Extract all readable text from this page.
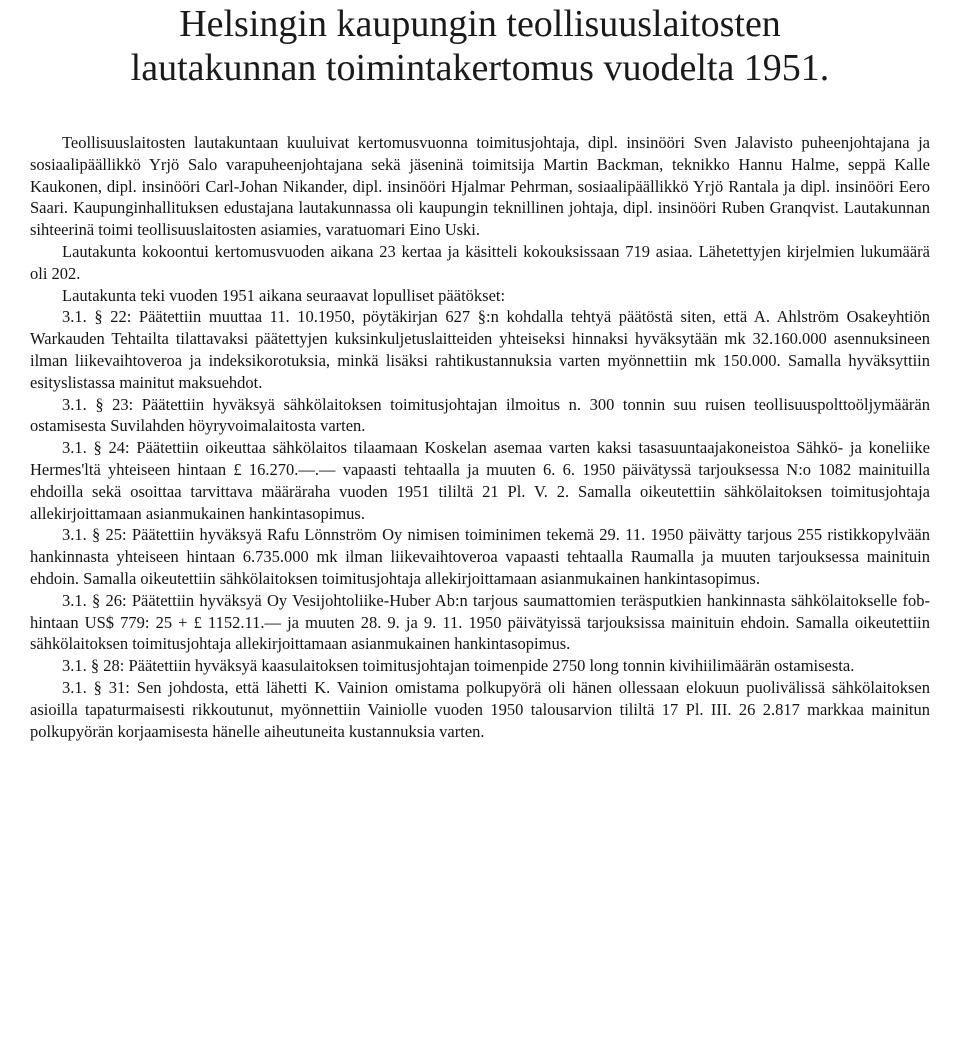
Helsingin kaupungin teollisuuslaitosten
lautakunnan toimintakertomus vuodelta 1951.

Teollisuuslaitosten lautakuntaan kuuluivat kertomusvuonna toimitusjohtaja, dipl. insinööri Sven Jalavisto puheenjohtajana ja sosiaalipäällikkö Yrjö Salo varapuheenjohtajana sekä jäseninä toimitsija Martin Backman, teknikko Hannu Halme, seppä Kalle Kaukonen, dipl. insinööri Carl-Johan Nikander, dipl. insinööri Hjalmar Pehrman, sosiaalipäällikkö Yrjö Rantala ja dipl. insinööri Eero Saari. Kaupunginhallituksen edustajana lautakunnassa oli kaupungin teknillinen johtaja, dipl. insinööri Ruben Granqvist. Lautakunnan sihteerinä toimi teollisuuslaitosten asiamies, varatuomari Eino Uski.

Lautakunta kokoontui kertomusvuoden aikana 23 kertaa ja käsitteli kokouksissaan 719 asiaa. Lähetettyjen kirjelmien lukumäärä oli 202.

Lautakunta teki vuoden 1951 aikana seuraavat lopulliset päätökset:

3.1. § 22: Päätettiin muuttaa 11. 10.1950, pöytäkirjan 627 §:n kohdalla tehtyä päätöstä siten, että A. Ahlström Osakeyhtiön Warkauden Tehtailta tilattavaksi päätettyjen kuksinkuljetuslaitteiden yhteiseksi hinnaksi hyväksytään mk 32.160.000 asennuksineen ilman liikevaihtoveroa ja indeksikorotuksia, minkä lisäksi rahtikustannuksia varten myönnettiin mk 150.000. Samalla hyväksyttiin esityslistassa mainitut maksuehdot.

3.1. § 23: Päätettiin hyväksyä sähkölaitoksen toimitusjohtajan ilmoitus n. 300 tonnin suu ruisen teollisuuspolttoöljymäärän ostamisesta Suvilahden höyryvoimalaitosta varten.

3.1. § 24: Päätettiin oikeuttaa sähkölaitos tilaamaan Koskelan asemaa varten kaksi tasasuuntaajakoneistoa Sähkö- ja koneliike Hermes'ltä yhteiseen hintaan £ 16.270.—.— vapaasti tehtaalla ja muuten 6. 6. 1950 päivätyssä tarjouksessa N:o 1082 mainituilla ehdoilla sekä osoittaa tarvittava määräraha vuoden 1951 tililtä 21 Pl. V. 2. Samalla oikeutettiin sähkölaitoksen toimitusjohtaja allekirjoittamaan asianmukainen hankintasopimus.

3.1. § 25: Päätettiin hyväksyä Rafu Lönnström Oy nimisen toiminimen tekemä 29. 11. 1950 päivätty tarjous 255 ristikkopylvään hankinnasta yhteiseen hintaan 6.735.000 mk ilman liikevaihtoveroa vapaasti tehtaalla Raumalla ja muuten tarjouksessa mainituin ehdoin. Samalla oikeutettiin sähkölaitoksen toimitusjohtaja allekirjoittamaan asianmukainen hankintasopimus.

3.1. § 26: Päätettiin hyväksyä Oy Vesijohtoliike-Huber Ab:n tarjous saumattomien teräsputkien hankinnasta sähkölaitokselle fob- hintaan US$ 779: 25 + £ 1152.11.— ja muuten 28. 9. ja 9. 11. 1950 päivätyissä tarjouksissa mainituin ehdoin. Samalla oikeutettiin sähkölaitoksen toimitusjohtaja allekirjoittamaan asianmukainen hankintasopimus.

3.1. § 28: Päätettiin hyväksyä kaasulaitoksen toimitusjohtajan toimenpide 2750 long tonnin kivihiilimäärän ostamisesta.

3.1. § 31: Sen johdosta, että lähetti K. Vainion omistama polkupyörä oli hänen ollessaan elokuun puolivälissä sähkölaitoksen asioilla tapaturmaisesti rikkoutunut, myönnettiin Vainiolle vuoden 1950 talousarvion tililtä 17 Pl. III. 26 2.817 markkaa mainitun polkupyörän korjaamisesta hänelle aiheutuneita kustannuksia varten.
